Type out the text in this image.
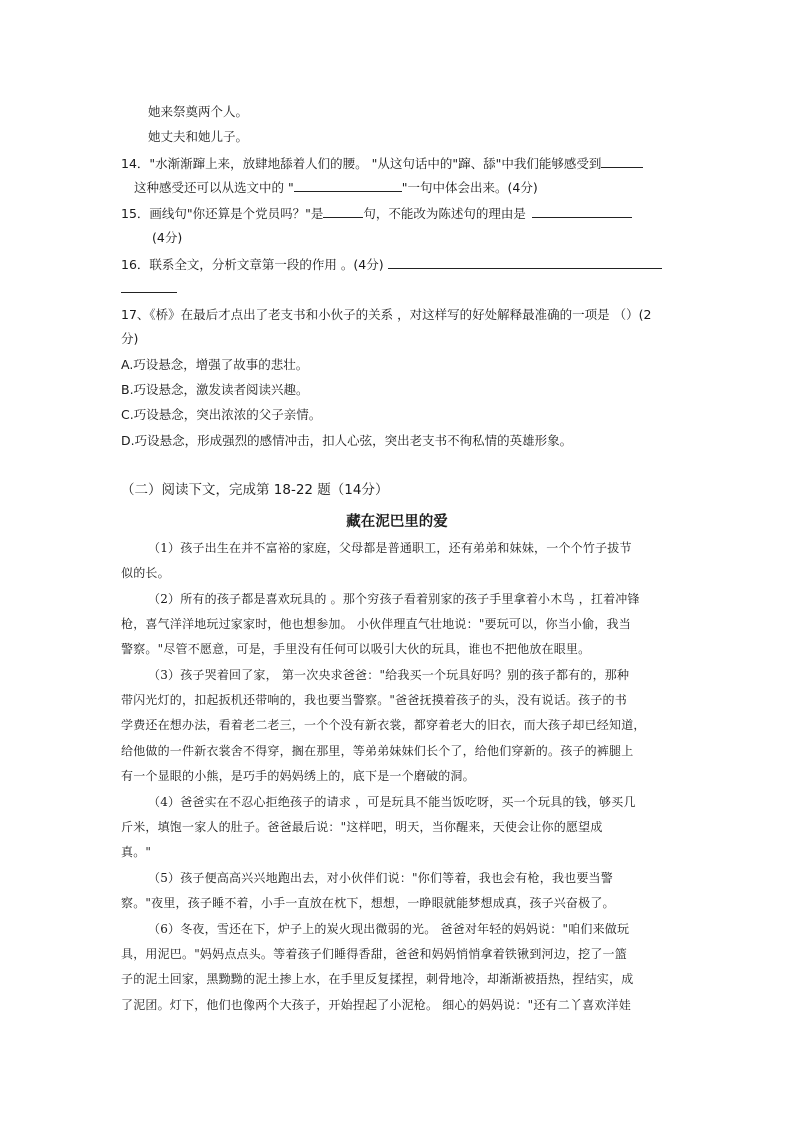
她来祭奠两个人。
她丈夫和她儿子。
14．"水渐渐蹿上来，放肆地舔着人们的腰。 "从这句话中的"蹿、舔"中我们能够感受到
这种感受还可以从选文中的 "	"一句中体会出来。(4分)
15．画线句"你还算是个党员吗？"是	句，不能改为陈述句的理由是
(4分)
16．联系全文，分析文章第一段的作用 。(4分)
17、《桥》在最后才点出了老支书和小伙子的关系 ，对这样写的好处解释最准确的一项是 （）(2
分)
A.巧设悬念，增强了故事的悲壮。
B.巧设悬念，激发读者阅读兴趣。
C.巧设悬念，突出浓浓的父子亲情。
D.巧设悬念，形成强烈的感情冲击，扣人心弦，突出老支书不徇私情的英雄形象。
（二）阅读下文，完成第 18-22 题（14分）
藏在泥巴里的爱
（1）孩子出生在并不富裕的家庭，父母都是普通职工，还有弟弟和妹妹，一个个竹子拔节
似的长。
（2）所有的孩子都是喜欢玩具的 。那个穷孩子看着别家的孩子手里拿着小木鸟 ，扛着冲锋
枪，喜气洋洋地玩过家家时，他也想参加。 小伙伴理直气壮地说："要玩可以，你当小偷，我当
警察。"尽管不愿意，可是，手里没有任何可以吸引大伙的玩具，谁也不把他放在眼里。
（3）孩子哭着回了家， 第一次央求爸爸："给我买一个玩具好吗？别的孩子都有的，那种
带闪光灯的，扣起扳机还带响的，我也要当警察。"爸爸抚摸着孩子的头，没有说话。孩子的书
学费还在想办法，看着老二老三，一个个没有新衣裳，都穿着老大的旧衣，而大孩子却已经知道，
给他做的一件新衣裳舍不得穿，搁在那里，等弟弟妹妹们长个了，给他们穿新的。孩子的裤腿上
有一个显眼的小熊，是巧手的妈妈绣上的，底下是一个磨破的洞。
（4）爸爸实在不忍心拒绝孩子的请求 ，可是玩具不能当饭吃呀，买一个玩具的钱，够买几
斤米，填饱一家人的肚子。爸爸最后说："这样吧，明天，当你醒来，天使会让你的愿望成
真。"
（5）孩子便高高兴兴地跑出去，对小伙伴们说："你们等着，我也会有枪，我也要当警
察。"夜里，孩子睡不着，小手一直放在枕下，想想，一睁眼就能梦想成真，孩子兴奋极了。
（6）冬夜，雪还在下，炉子上的炭火现出微弱的光。 爸爸对年轻的妈妈说："咱们来做玩
具，用泥巴。"妈妈点点头。等着孩子们睡得香甜，爸爸和妈妈悄悄拿着铁锹到河边，挖了一篮
子的泥土回家，黑黝黝的泥土掺上水，在手里反复揉捏，刺骨地冷，却渐渐被捂热，捏结实，成
了泥团。灯下，他们也像两个大孩子，开始捏起了小泥枪。 细心的妈妈说："还有二丫喜欢洋娃
